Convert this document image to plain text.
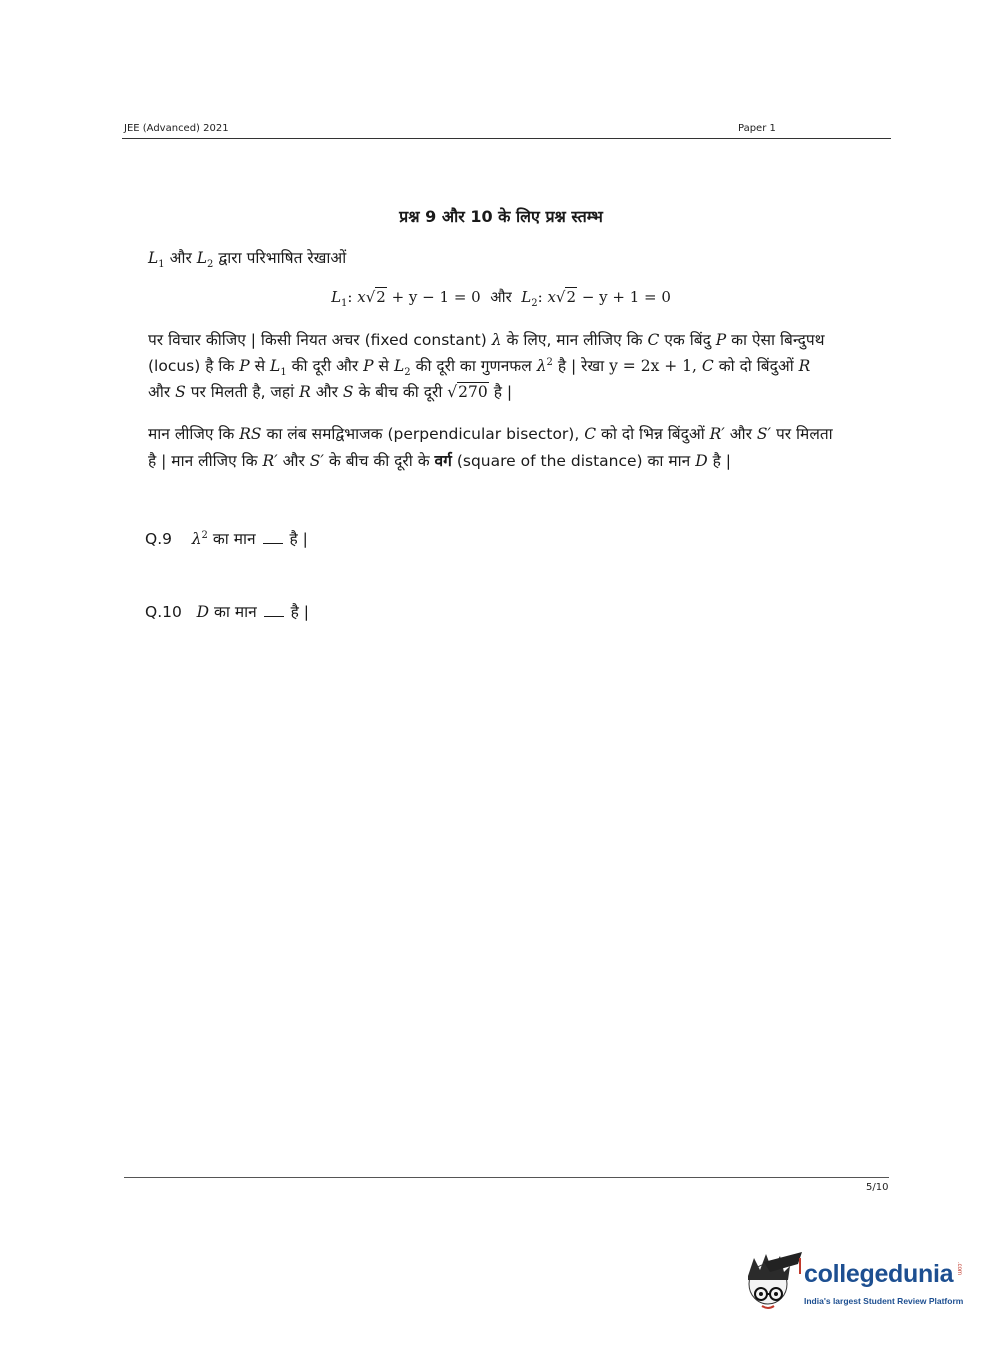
JEE (Advanced) 2021	Paper 1
प्रश्न 9 और 10 के लिए प्रश्न स्तम्भ
$L_1$ और $L_2$ द्वारा परिभाषित रेखाओं
$L_1$: x√2 + y − 1 = 0 और $L_2$: x√2 − y + 1 = 0
पर विचार कीजिए | किसी नियत अचर (fixed constant) λ के लिए, मान लीजिए कि C एक बिंदु P का ऐसा बिन्दुपथ
(locus) है कि P से $L_1$ की दूरी और P से $L_2$ की दूरी का गुणनफल $\lambda^2$ है | रेखा y = 2x + 1, C को दो बिंदुओं R
और S पर मिलती है, जहां R और S के बीच की दूरी √270 है |
मान लीजिए कि RS का लंब समद्विभाजक (perpendicular bisector), C को दो भिन्न बिंदुओं R′ और S′ पर मिलता
है | मान लीजिए कि R′ और S′ के बीच की दूरी के वर्ग (square of the distance) का मान D है |
Q.9 $\lambda^2$ का मान है |
Q.10 D का मान है |
5/10
collegedunia
India's largest Student Review Platform
.com
